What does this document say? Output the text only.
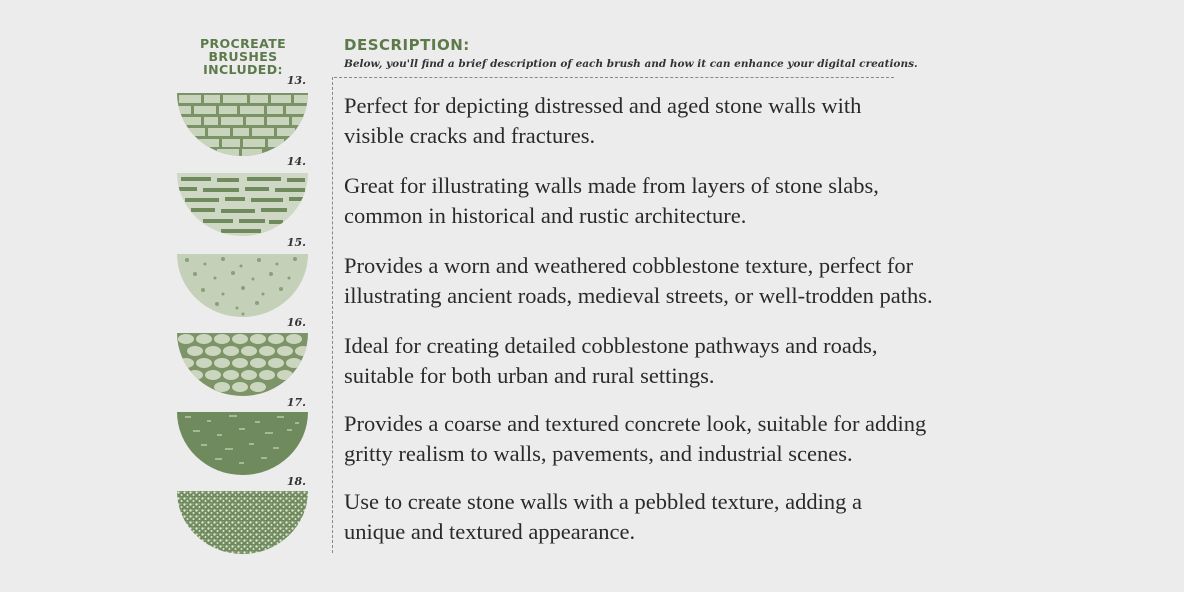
PROCREATE
BRUSHES INCLUDED:
DESCRIPTION:
Below, you'll find a brief description of each brush and how it can enhance your digital creations.
13.
Perfect for depicting distressed and aged stone walls with
visible cracks and fractures.
14.
Great for illustrating walls made from layers of stone slabs,
common in historical and rustic architecture.
15.
Provides a worn and weathered cobblestone texture, perfect for
illustrating ancient roads, medieval streets, or well-trodden paths.
16.
Ideal for creating detailed cobblestone pathways and roads,
suitable for both urban and rural settings.
17.
Provides a coarse and textured concrete look, suitable for adding
gritty realism to walls, pavements, and industrial scenes.
18.
Use to create stone walls with a pebbled texture, adding a
unique and textured appearance.
